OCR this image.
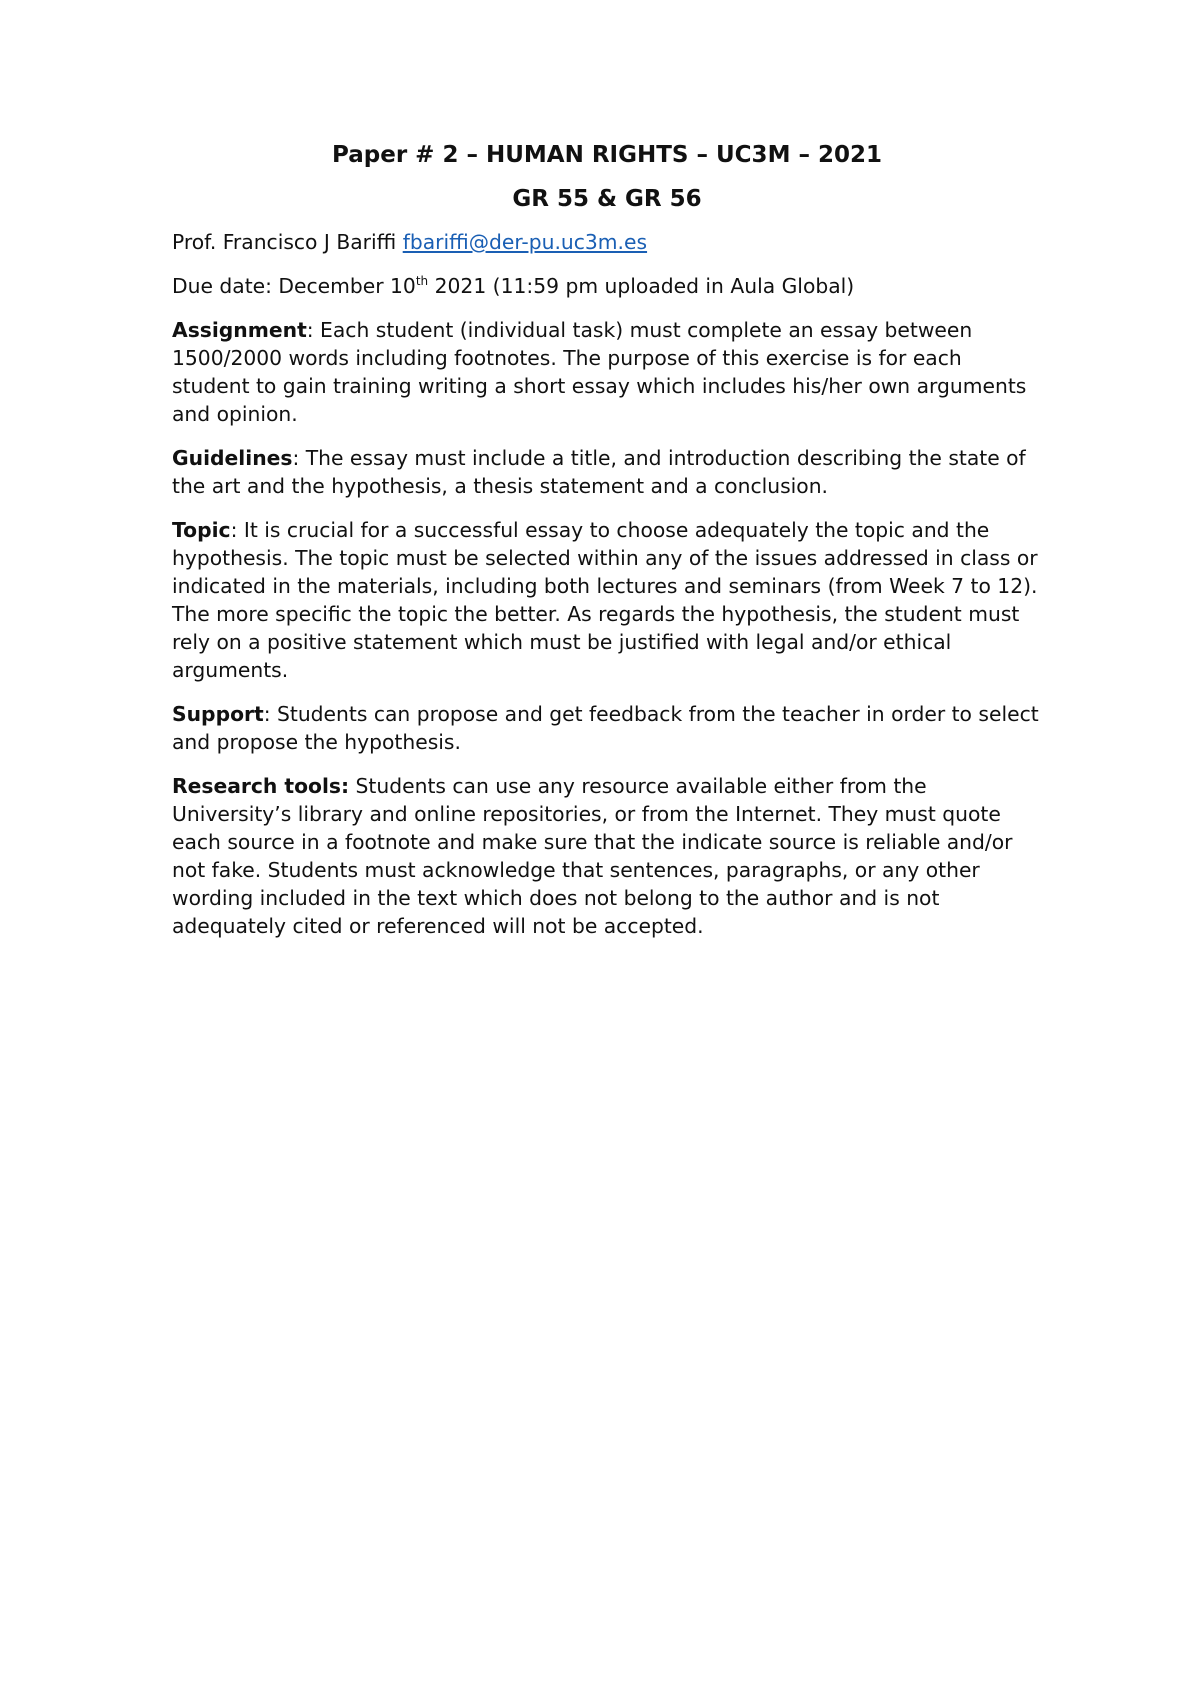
Paper # 2 – HUMAN RIGHTS – UC3M – 2021
GR 55 & GR 56

Prof. Francisco J Bariffi fbariffi@der-pu.uc3m.es

Due date: December 10th 2021 (11:59 pm uploaded in Aula Global)

Assignment: Each student (individual task) must complete an essay between 1500/2000 words including footnotes. The purpose of this exercise is for each student to gain training writing a short essay which includes his/her own arguments and opinion.

Guidelines: The essay must include a title, and introduction describing the state of the art and the hypothesis, a thesis statement and a conclusion.

Topic: It is crucial for a successful essay to choose adequately the topic and the hypothesis. The topic must be selected within any of the issues addressed in class or indicated in the materials, including both lectures and seminars (from Week 7 to 12). The more specific the topic the better. As regards the hypothesis, the student must rely on a positive statement which must be justified with legal and/or ethical arguments.

Support: Students can propose and get feedback from the teacher in order to select and propose the hypothesis.

Research tools: Students can use any resource available either from the University’s library and online repositories, or from the Internet. They must quote each source in a footnote and make sure that the indicate source is reliable and/or not fake. Students must acknowledge that sentences, paragraphs, or any other wording included in the text which does not belong to the author and is not adequately cited or referenced will not be accepted.
